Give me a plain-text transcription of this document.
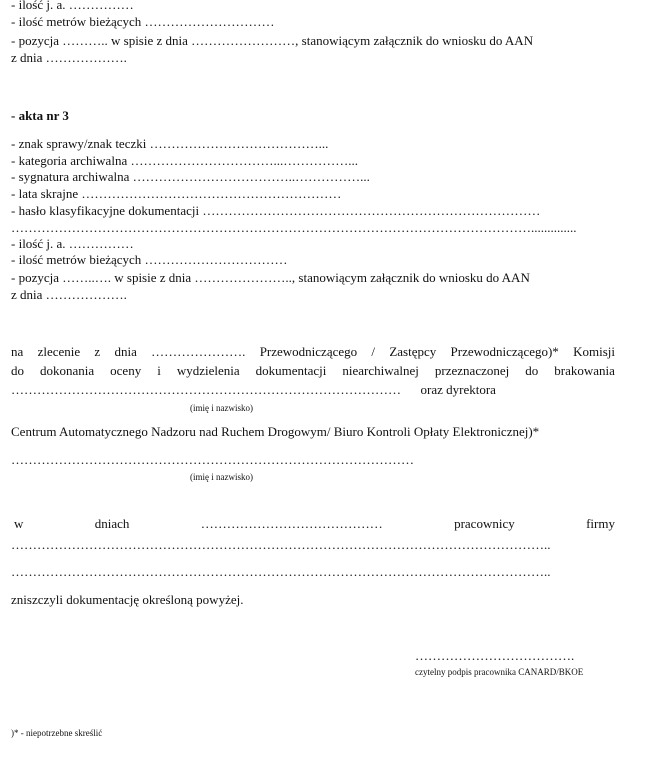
- ilość j. a. ……………
- ilość metrów bieżących …………………………
- pozycja ……….. w spisie z dnia ……………………, stanowiącym załącznik do wniosku do AAN
z dnia ……………….
- akta nr 3
- znak sprawy/znak teczki …………………………………...
- kategoria archiwalna ……………………………...……………...
- sygnatura archiwalna ………………………………..……………...
- lata skrajne ……………………………………………………
- hasło klasyfikacyjne dokumentacji ……………………………………………………………………
…………………………………………………………………………………………………………..............
- ilość j. a. ……………
- ilość metrów bieżących ……………………………
- pozycja ……..…. w spisie z dnia ………………….., stanowiącym załącznik do wniosku do AAN
z dnia ……………….
na zlecenie z dnia …………………. Przewodniczącego / Zastępcy Przewodniczącego)* Komisji
do dokonania oceny i wydzielenia dokumentacji niearchiwalnej przeznaczonej do brakowania
………………………………………………………………………………      oraz dyrektora
(imię i nazwisko)
Centrum Automatycznego Nadzoru nad Ruchem Drogowym/ Biuro Kontroli Opłaty Elektronicznej)*
…………………………………………………………………………………
(imię i nazwisko)
w	dniach	……………………………………	pracownicy	firmy
……………………………………………………………………………………………………………..
……………………………………………………………………………………………………………..
zniszczyli dokumentację określoną powyżej.
……………………………….
czytelny podpis pracownika CANARD/BKOE
)* - niepotrzebne skreślić
